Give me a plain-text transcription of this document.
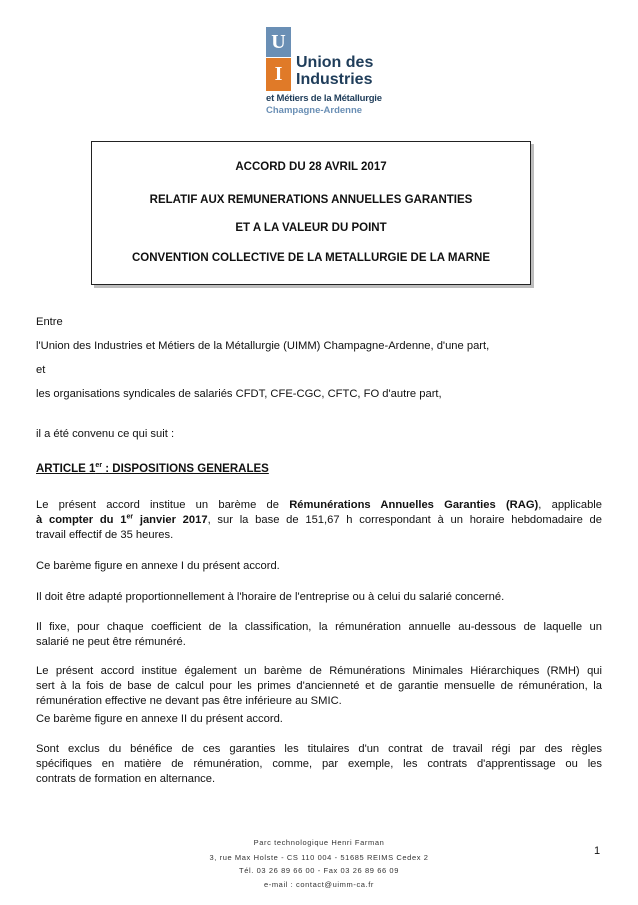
U
I
Union des
Industries
et Métiers de la Métallurgie
Champagne-Ardenne
ACCORD DU 28 AVRIL 2017
RELATIF AUX REMUNERATIONS ANNUELLES GARANTIES
ET A LA VALEUR DU POINT
CONVENTION COLLECTIVE DE LA METALLURGIE DE LA MARNE
Entre
l'Union des Industries et Métiers de la Métallurgie (UIMM) Champagne-Ardenne, d'une part,
et
les organisations syndicales de salariés CFDT, CFE-CGC, CFTC, FO d'autre part,
il a été convenu ce qui suit :
ARTICLE 1er : DISPOSITIONS GENERALES
Le présent accord institue un barème de Rémunérations Annuelles Garanties (RAG), applicable
à compter du 1er janvier 2017, sur la base de 151,67 h correspondant à un horaire hebdomadaire de
travail effectif de 35 heures.
Ce barème figure en annexe I du présent accord.
Il doit être adapté proportionnellement à l'horaire de l'entreprise ou à celui du salarié concerné.
Il fixe, pour chaque coefficient de la classification, la rémunération annuelle au-dessous de laquelle un
salarié ne peut être rémunéré.
Le présent accord institue également un barème de Rémunérations Minimales Hiérarchiques (RMH) qui
sert à la fois de base de calcul pour les primes d'ancienneté et de garantie mensuelle de rémunération, la
rémunération effective ne devant pas être inférieure au SMIC.
Ce barème figure en annexe II du présent accord.
Sont exclus du bénéfice de ces garanties les titulaires d'un contrat de travail régi par des règles
spécifiques en matière de rémunération, comme, par exemple, les contrats d'apprentissage ou les
contrats de formation en alternance.
1
Parc technologique Henri Farman
3, rue Max Holste - CS 110 004 - 51685 REIMS Cedex 2
Tél. 03 26 89 66 00 - Fax 03 26 89 66 09
e-mail : contact@uimm-ca.fr
